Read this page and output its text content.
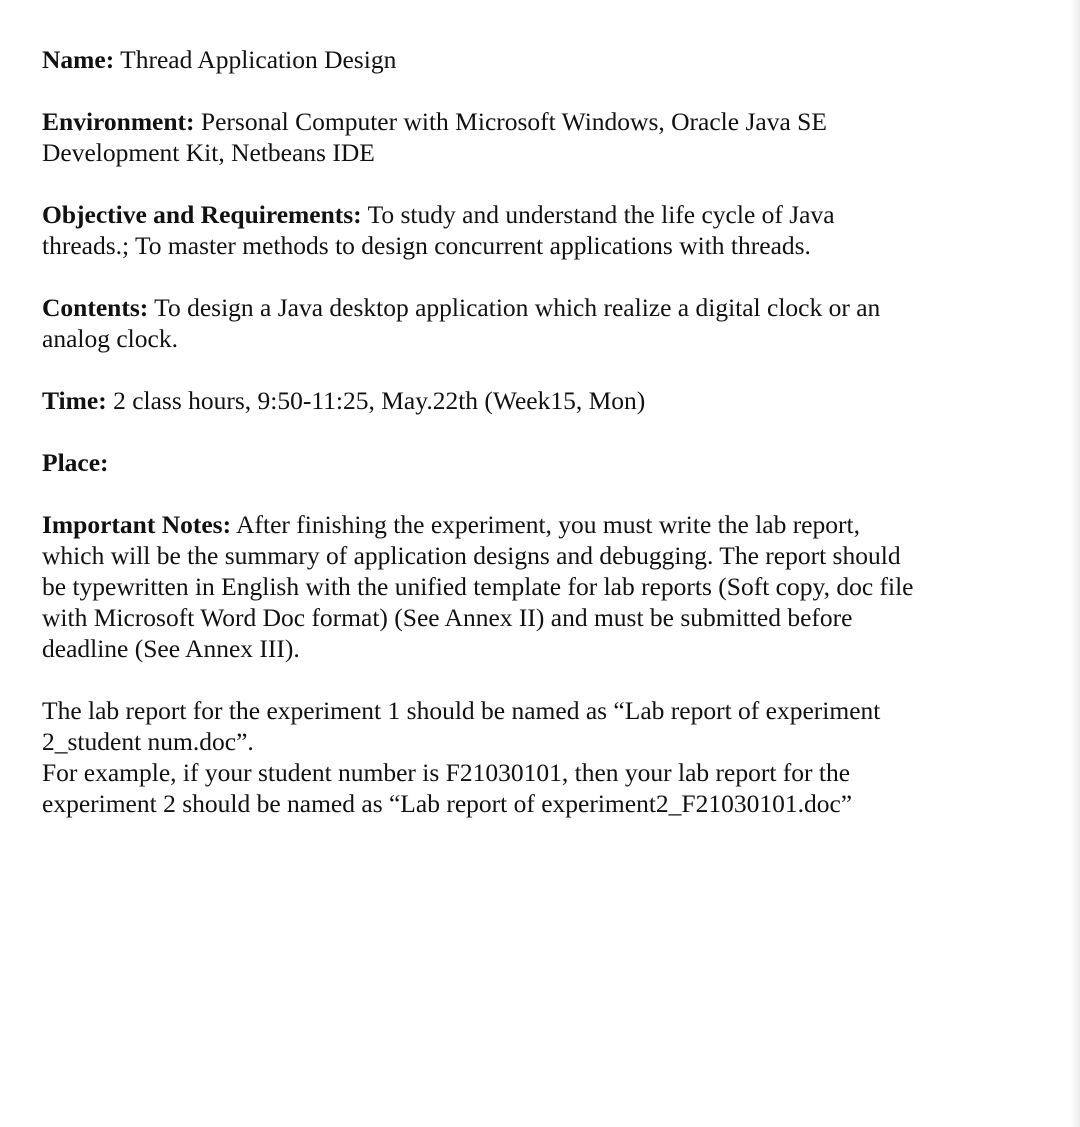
Name: Thread Application Design

Environment: Personal Computer with Microsoft Windows, Oracle Java SE
Development Kit, Netbeans IDE

Objective and Requirements: To study and understand the life cycle of Java
threads.; To master methods to design concurrent applications with threads.

Contents: To design a Java desktop application which realize a digital clock or an
analog clock.

Time: 2 class hours, 9:50-11:25, May.22th (Week15, Mon)

Place:

Important Notes: After finishing the experiment, you must write the lab report,
which will be the summary of application designs and debugging. The report should
be typewritten in English with the unified template for lab reports (Soft copy, doc file
with Microsoft Word Doc format) (See Annex II) and must be submitted before
deadline (See Annex III).

The lab report for the experiment 1 should be named as “Lab report of experiment
2_student num.doc”.
For example, if your student number is F21030101, then your lab report for the
experiment 2 should be named as “Lab report of experiment2_F21030101.doc”
